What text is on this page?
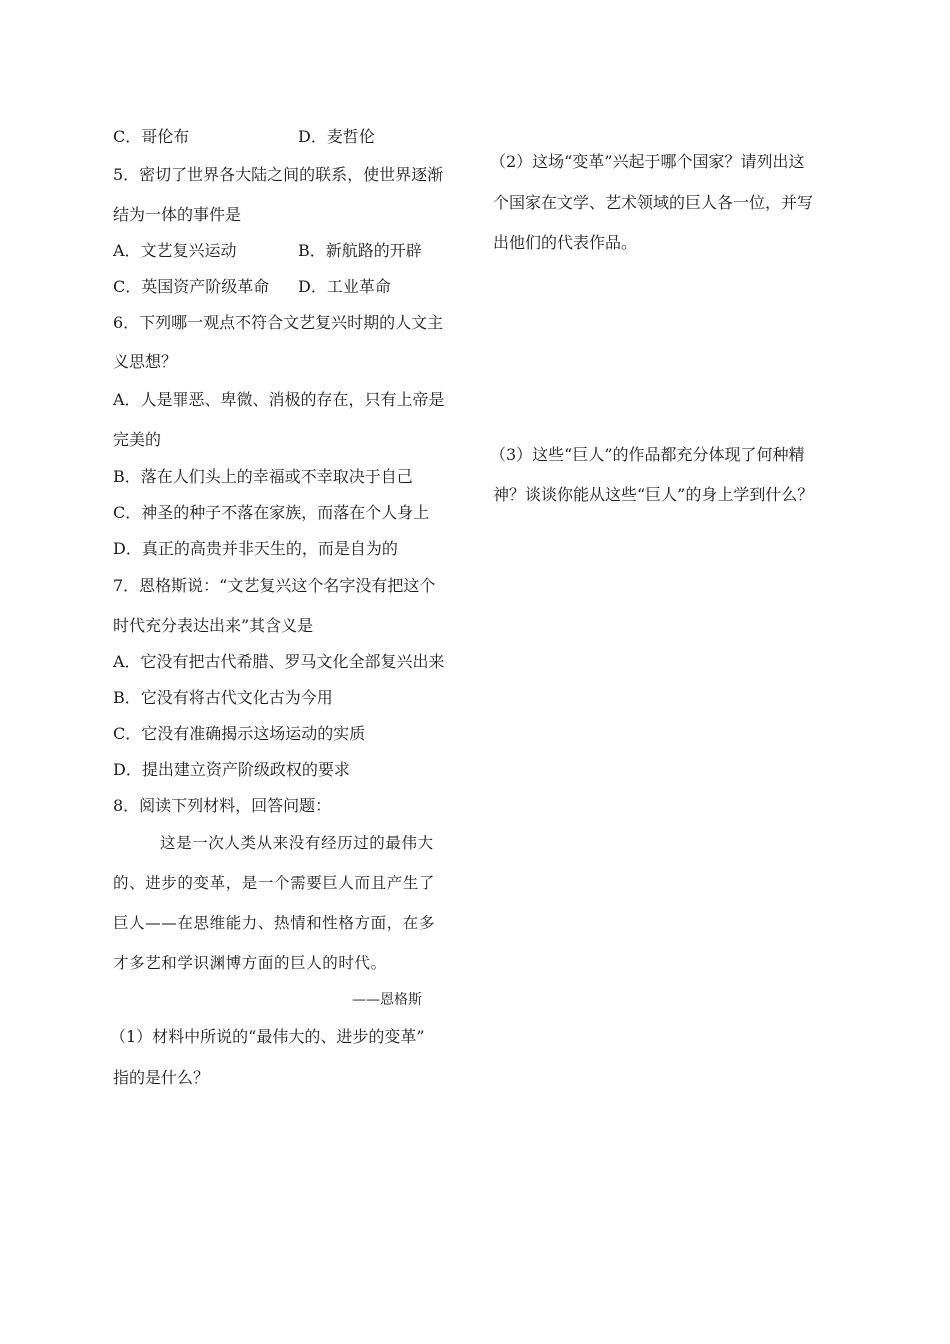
C．哥伦布	D．麦哲伦
5．密切了世界各大陆之间的联系，使世界逐渐
结为一体的事件是
A．文艺复兴运动	B．新航路的开辟
C．英国资产阶级革命 D．工业革命
6．下列哪一观点不符合文艺复兴时期的人文主
义思想？
A．人是罪恶、卑微、消极的存在，只有上帝是
完美的
B．落在人们头上的幸福或不幸取决于自己
C．神圣的种子不落在家族，而落在个人身上
D．真正的高贵并非天生的，而是自为的
7．恩格斯说：“文艺复兴这个名字没有把这个
时代充分表达出来”其含义是
A．它没有把古代希腊、罗马文化全部复兴出来
B．它没有将古代文化古为今用
C．它没有准确揭示这场运动的实质
D．提出建立资产阶级政权的要求
8．阅读下列材料，回答问题：
这是一次人类从来没有经历过的最伟大
的、进步的变革，是一个需要巨人而且产生了
巨人——在思维能力、热情和性格方面，在多
才多艺和学识渊博方面的巨人的时代。
——恩格斯
（1）材料中所说的“最伟大的、进步的变革”
指的是什么？
（2）这场“变革”兴起于哪个国家？请列出这
个国家在文学、艺术领域的巨人各一位，并写
出他们的代表作品。
（3）这些“巨人”的作品都充分体现了何种精
神？谈谈你能从这些“巨人”的身上学到什么？
